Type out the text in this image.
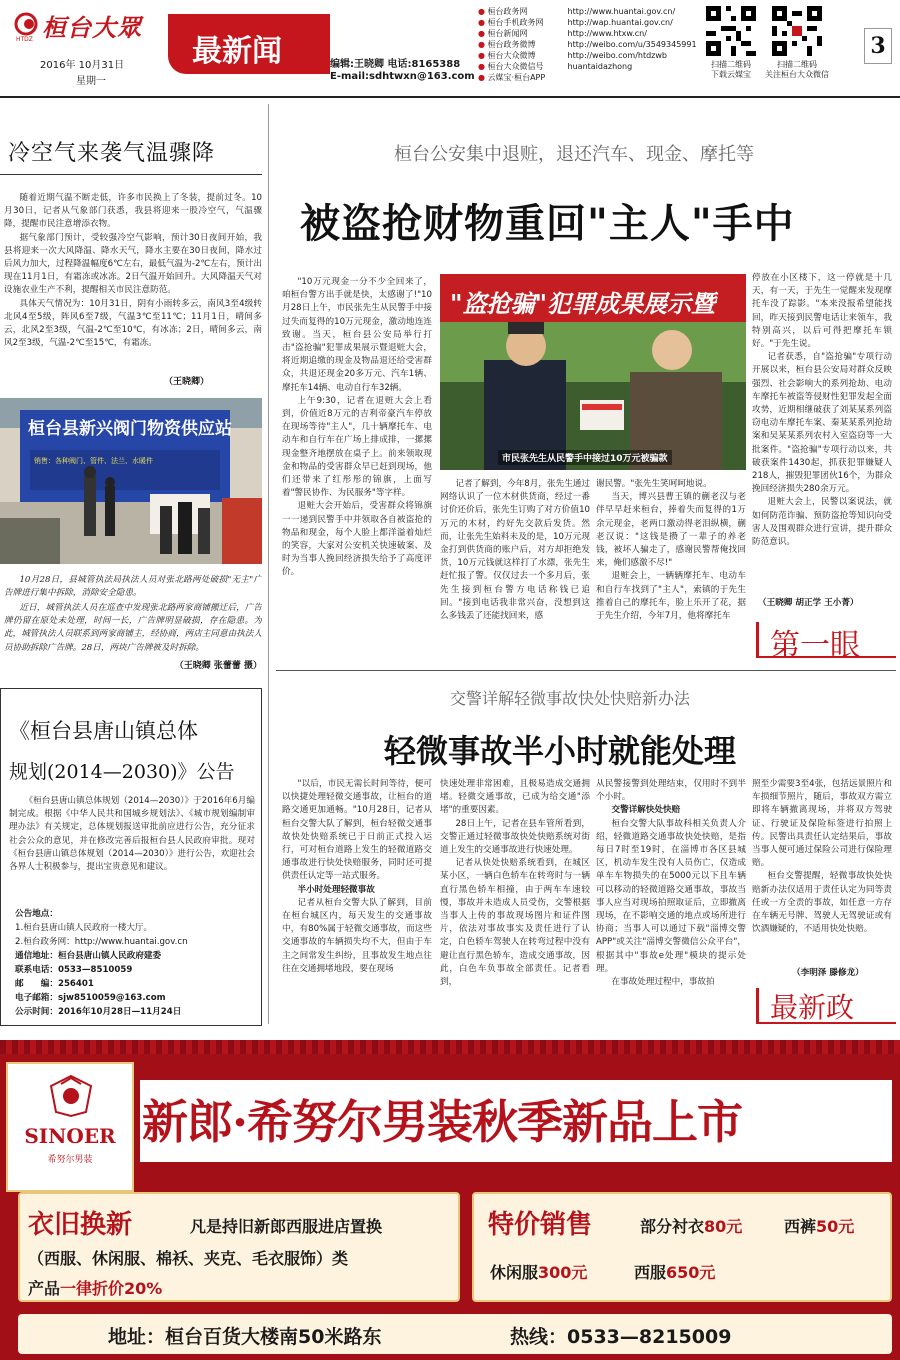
桓台大眾
HTDZ
2016年 10月31日
星期一
最新闻	编辑:王晓卿 电话:8165388
E-mail:sdhtwxn@163.com
● 桓台政务网	http://www.huantai.gov.cn/
● 桓台手机政务网	http://wap.huantai.gov.cn/
● 桓台新闻网	http://www.htxw.cn/
● 桓台政务微博	http://weibo.com/u/3549345991
● 桓台大众微博	http://weibo.com/htdzwb
● 桓台大众微信号	huantaidazhong
● 云媒宝·桓台APP
扫描二维码
下载云媒宝
扫描二维码
关注桓台大众微信
3
冷空气来袭气温骤降

随着近期气温不断走低，许多市民换上了冬装，提前过冬。10月30日，记者从气象部门获悉，我县将迎来一股冷空气，气温骤降，提醒市民注意增添衣物。

据气象部门预计，受较强冷空气影响，预计30日夜间开始，我县将迎来一次大风降温、降水天气，降水主要在30日夜间，降水过后风力加大，过程降温幅度6℃左右，最低气温为-2℃左右，预计出现在11月1日，有霜冻或冰冻。2日气温开始回升。大风降温天气对设施农业生产不利，提醒相关市民注意防范。

具体天气情况为：10月31日，阴有小雨转多云，南风3至4级转北风4至5级，阵风6至7级，气温3℃至11℃；11月1日，晴间多云，北风2至3级，气温-2℃至10℃，有冰冻；2日，晴间多云，南风2至3级，气温-2℃至15℃，有霜冻。

（王晓卿）
桓台县新兴阀门物资供应站
销售：各种阀门、管件、法兰、水暖件
10月28日，县城管执法局执法人员对张北路两处破损"无主"广告牌进行集中拆除，消除安全隐患。
近日，城管执法人员在巡查中发现张北路两家商铺搬迁后，广告牌仍留在原处未处理，时间一长，广告牌明显破损，存在隐患。为此，城管执法人员联系到两家商铺主，经协商，两店主同意由执法人员协助拆除广告牌。28日，两块广告牌被及时拆除。
（王晓卿 张蕾蕾 摄）
《桓台县唐山镇总体
规划(2014—2030)》公告
《桓台县唐山镇总体规划（2014—2030）》于2016年6月编制完成。根据《中华人民共和国城乡规划法》、《城市规划编制审理办法》有关规定，总体规划报送审批前应进行公告，充分征求社会公众的意见，并在修改完善后报桓台县人民政府审批。现对《桓台县唐山镇总体规划（2014—2030）》进行公告，欢迎社会各界人士积极参与，提出宝贵意见和建议。
公告地点：
1.桓台县唐山镇人民政府一楼大厅。
2.桓台政务网：http://www.huantai.gov.cn
通信地址：桓台县唐山镇人民政府建委
联系电话：0533—8510059
邮　　编：256401
电子邮箱：sjw8510059@163.com
公示时间：2016年10月28日—11月24日
桓台公安集中退赃，退还汽车、现金、摩托等
被盗抢财物重回"主人"手中

"10万元现金一分不少全回来了，咱桓台警方出手就是快，太感谢了!"10月28日上午，市民张先生从民警手中接过失而复得的10万元现金，激动地连连致谢。当天，桓台县公安局举行打击"盗抢骗"犯罪成果展示暨退赃大会，将近期追缴的现金及物品退还给受害群众，共退还现金20多万元、汽车1辆、摩托车14辆、电动自行车32辆。

上午9:30，记者在退赃大会上看到，价值近8万元的吉利帝豪汽车停放在现场等待"主人"，几十辆摩托车、电动车和自行车在广场上排成排，一摞摞现金整齐地摆放在桌子上。前来领取现金和物品的受害群众早已赶到现场，他们还带来了红彤彤的锦旗，上面写着"警民协作、为民服务"等字样。

退赃大会开始后，受害群众将锦旗一一递到民警手中并领取各自被盗抢的物品和现金，每个人脸上都洋溢着灿烂的笑容，大家对公安机关快速破案、及时为当事人挽回经济损失给予了高度评价。

"盗抢骗"犯罪成果展示暨
市民张先生从民警手中接过10万元被骗款

记者了解到，今年8月，张先生通过网络认识了一位木材供货商，经过一番讨价还价后，张先生订购了对方价值10万元的木材，约好先交款后发货。然而，让张先生始料未及的是，10万元现金打到供货商的账户后，对方却拒绝发货，10万元钱就这样打了水漂，张先生赶忙报了警。仅仅过去一个多月后，张先生接到桓台警方电话称钱已追回。"接到电话我非常兴奋，没想到这么多钱丢了还能找回来，感

谢民警。"张先生笑呵呵地说。

当天，博兴县曹王镇的蒯老汉与老伴早早赶来桓台，捧着失而复得的1万余元现金，老两口激动得老泪纵横，蒯老汉说："这钱是攒了一辈子的养老钱，被坏人骗走了，感谢民警帮俺找回来，俺们感激不尽!"

退赃会上，一辆辆摩托车、电动车和自行车找到了"主人"，索镇的于先生推着自己的摩托车，脸上乐开了花，据于先生介绍，今年7月，他将摩托车

停放在小区楼下，这一停就是十几天，有一天，于先生一觉醒来发现摩托车没了踪影。"本来没报希望能找回，昨天接到民警电话让来领车，我特别高兴，以后可得把摩托车锁好。"于先生说。

记者获悉，自"盗抢骗"专项行动开展以来，桓台县公安局对群众反映强烈、社会影响大的系列抢劫、电动车摩托车被盗等侵财性犯罪发起全面攻势，近期相继破获了刘某某系列盗窃电动车摩托车案、秦某某系列抢劫案和吴某某系列农村入室盗窃等一大批案件。"盗抢骗"专项行动以来，共破获案件1430起，抓获犯罪嫌疑人218人，摧毁犯罪团伙16个，为群众挽回经济损失280余万元。

退赃大会上，民警以案说法，就如何防范诈骗、预防盗抢等知识向受害人及围观群众进行宣讲，提升群众防范意识。

（王晓卿 胡正学 王小菁）
第一眼
交警详解轻微事故快处快赔新办法
轻微事故半小时就能处理

"以后，市民无需长时间等待，便可以快捷处理轻微交通事故，让桓台的道路交通更加通畅。"10月28日，记者从桓台交警大队了解到，桓台轻微交通事故快处快赔系统已于日前正式投入运行，可对桓台道路上发生的轻微道路交通事故进行快处快赔服务，同时还可提供责任认定等一站式服务。

半小时处理轻微事故

记者从桓台交警大队了解到，目前在桓台城区内，每天发生的交通事故中，有80%属于轻微交通事故，而这些交通事故的车辆损失均不大，但由于车主之间常发生纠纷，且事故发生地点往往在交通拥堵地段，要在现场

快速处理非常困难，且极易造成交通拥堵。轻微交通事故，已成为给交通"添堵"的重要因素。

28日上午，记者在县车管所看到，交警正通过轻微事故快处快赔系统对街道上发生的交通事故进行快速处理。

记者从快处快赔系统看到，在城区某小区，一辆白色轿车在转弯时与一辆直行黑色轿车相撞，由于两车车速较慢，事故并未造成人员受伤，交警根据当事人上传的事故现场图片和证件图片，依法对事故事实及责任进行了认定，白色轿车驾驶人在转弯过程中没有避让直行黑色轿车，造成交通事故，因此，白色车负事故全部责任。记者看到，

从民警接警到处理结束，仅用时不到半个小时。

交警详解快处快赔

桓台交警大队事故科相关负责人介绍，轻微道路交通事故快处快赔，是指每日7时至19时，在淄博市各区县城区，机动车发生没有人员伤亡，仅造成单车车物损失的在5000元以下且车辆可以移动的轻微道路交通事故，事故当事人应当对现场拍照取证后，立即撤离现场，在不影响交通的地点或场所进行协商；当事人可以通过下载"淄博交警APP"或关注"淄博交警微信公众平台"，根据其中"事故e处理"模块的提示处理。

在事故处理过程中，事故拍

照至少需要3至4张，包括远景照片和车损细节照片，随后，事故双方需立即将车辆撤离现场，并将双方驾驶证、行驶证及保险标签进行拍照上传。民警出具责任认定结果后，事故当事人便可通过保险公司进行保险理赔。

桓台交警提醒，轻微事故快处快赔新办法仅适用于责任认定为同等责任或一方全责的事故，如任意一方存在车辆无号牌、驾驶人无驾驶证或有饮酒嫌疑的，不适用快处快赔。

（李明泽 滕修龙）
最新政
SINOER
希努尔男装
新郎·希努尔男装秋季新品上市
衣旧换新	凡是持旧新郎西服进店置换
（西服、休闲服、棉袄、夹克、毛衣服饰）类
产品一律折价20%
特价销售	部分衬衣80元	西裤50元
休闲服300元	西服650元
地址：桓台百货大楼南50米路东	热线：0533—8215009
